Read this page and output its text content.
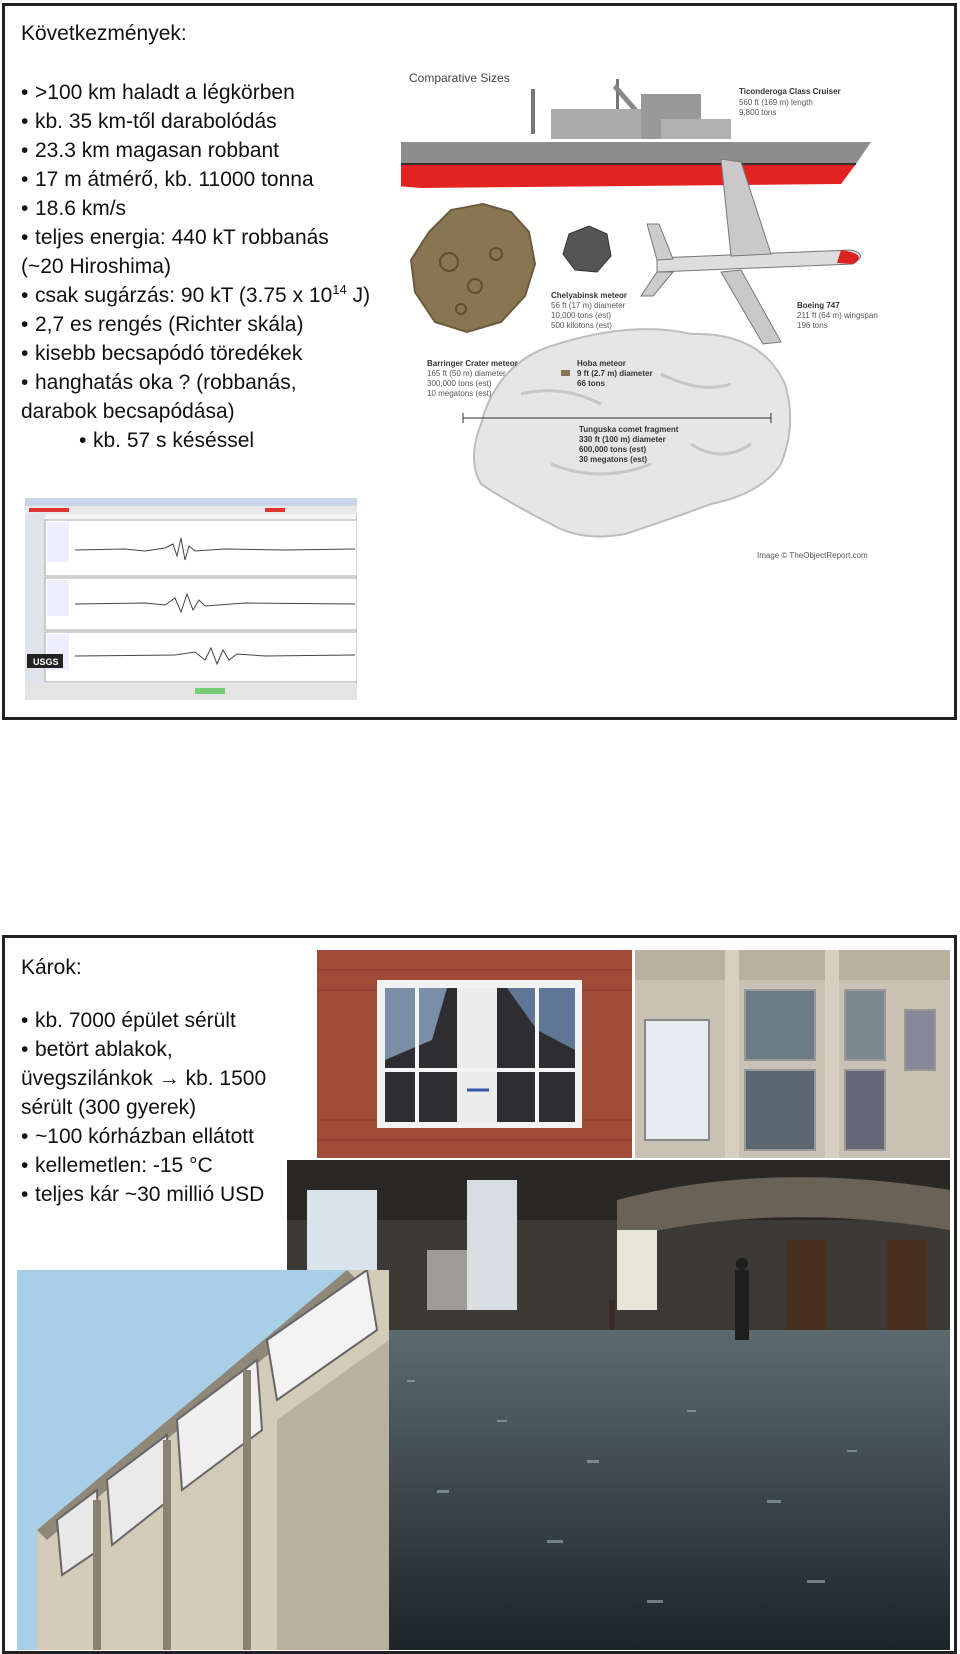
Következmények:
• >100 km haladt a légkörben
• kb. 35 km-től darabolódás
• 23.3 km magasan robbant
• 17 m átmérő, kb. 11000 tonna
• 18.6 km/s
• teljes energia: 440 kT robbanás
(~20 Hiroshima)
• csak sugárzás: 90 kT (3.75 x $10^{14}$ J)
• 2,7 es rengés (Richter skála)
• kisebb becsapódó töredékek
• hanghatás oka ? (robbanás,
darabok becsapódása)
• kb. 57 s késéssel
Comparative Sizes
Ticonderoga Class Cruiser
560 ft (169 m) length
9,800 tons
Chelyabinsk meteor
56 ft (17 m) diameter
10,000 tons (est)
500 kilotons (est)
Boeing 747
211 ft (64 m) wingspan
196 tons
Hoba meteor
9 ft (2.7 m) diameter
66 tons
Barringer Crater meteor
165 ft (50 m) diameter
300,000 tons (est)
10 megatons (est)
Tunguska comet fragment
330 ft (100 m) diameter
600,000 tons (est)
30 megatons (est)
Image © TheObjectReport.com
USGS
Károk:
• kb. 7000 épület sérült
• betört ablakok,
üvegszilánkok → kb. 1500
sérült (300 gyerek)
• ~100 kórházban ellátott
• kellemetlen: -15 °C
• teljes kár ~30 millió USD
